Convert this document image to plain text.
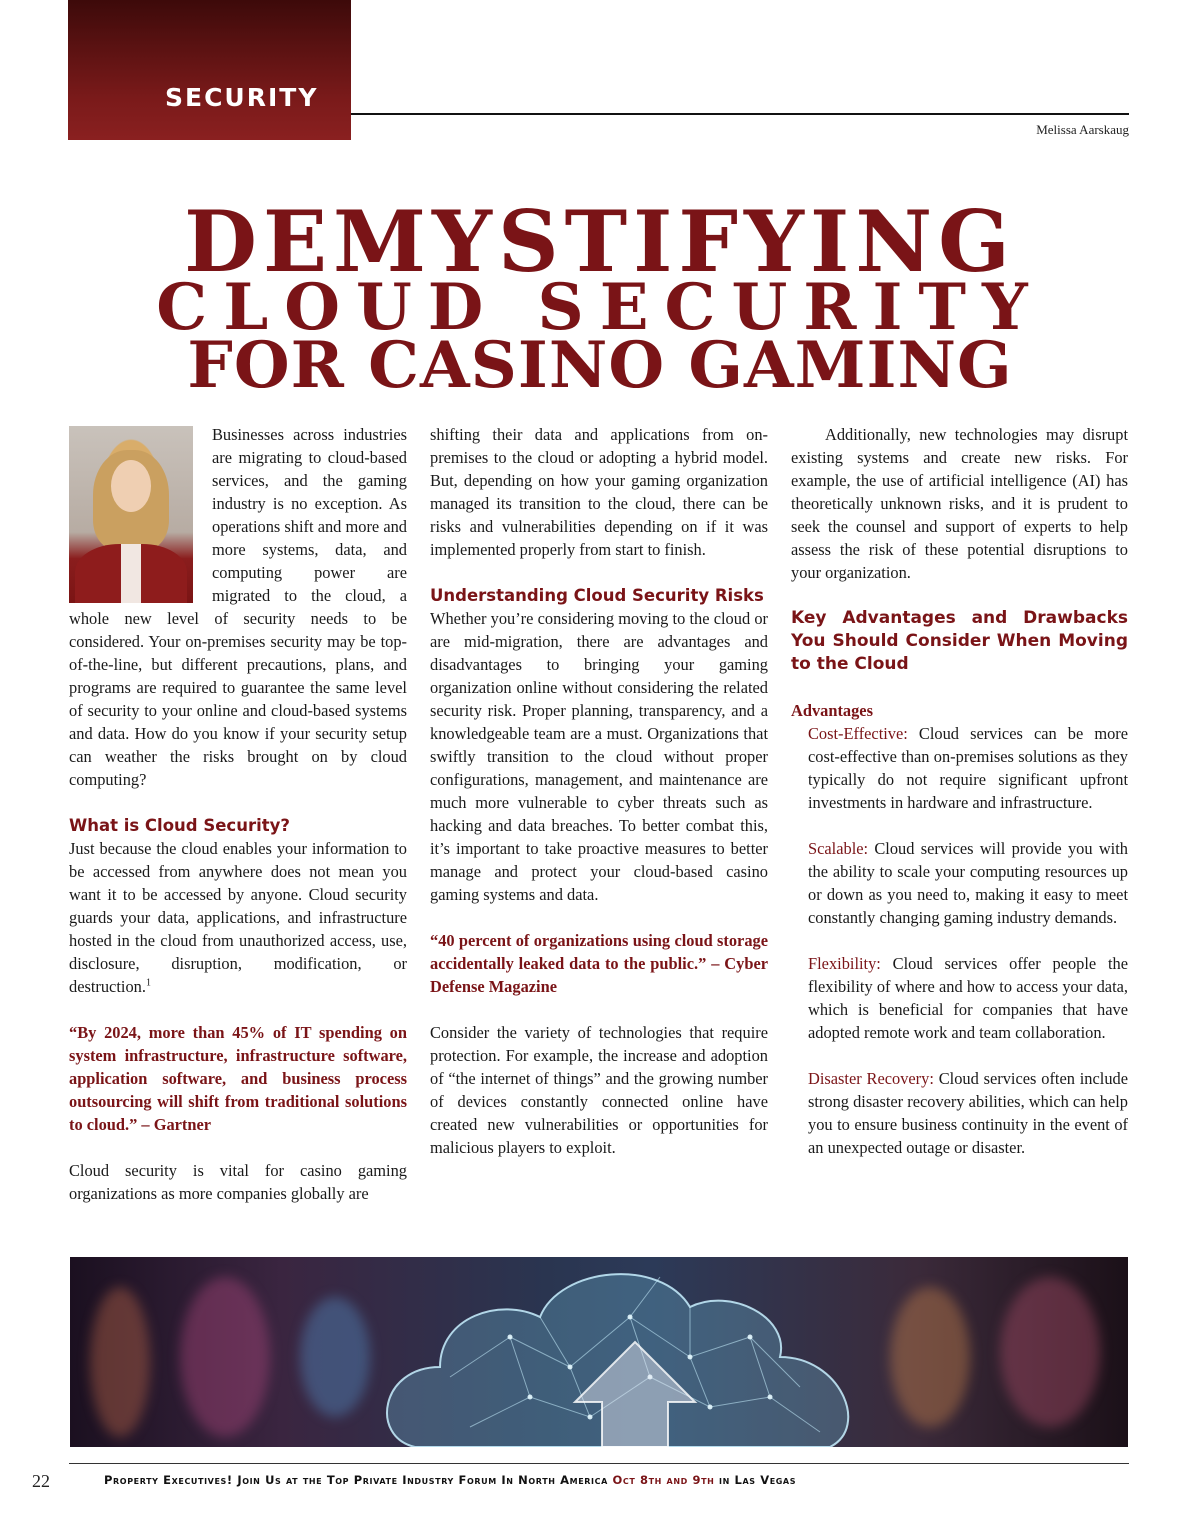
SECURITY
Melissa Aarskaug
DEMYSTIFYING
CLOUD SECURITY
FOR CASINO GAMING

Businesses across industries are migrating to cloud-based services, and the gaming industry is no exception. As operations shift and more and more systems, data, and computing power are migrated to the cloud, a whole new level of security needs to be considered. Your on-premises security may be top-of-the-line, but different precautions, plans, and programs are required to guarantee the same level of security to your online and cloud-based systems and data. How do you know if your security setup can weather the risks brought on by cloud computing?

What is Cloud Security?

Just because the cloud enables your information to be accessed from anywhere does not mean you want it to be accessed by anyone. Cloud security guards your data, applications, and infrastructure hosted in the cloud from unauthorized access, use, disclosure, disruption, modification, or destruction.$^1$

“By 2024, more than 45% of IT spending on system infrastructure, infrastructure software, application software, and business process outsourcing will shift from traditional solutions to cloud.” – Gartner

Cloud security is vital for casino gaming organizations as more companies globally are

shifting their data and applications from on-premises to the cloud or adopting a hybrid model. But, depending on how your gaming organization managed its transition to the cloud, there can be risks and vulnerabilities depending on if it was implemented properly from start to finish.

Understanding Cloud Security Risks

Whether you’re considering moving to the cloud or are mid-migration, there are advantages and disadvantages to bringing your gaming organization online without considering the related security risk. Proper planning, transparency, and a knowledgeable team are a must. Organizations that swiftly transition to the cloud without proper configurations, management, and maintenance are much more vulnerable to cyber threats such as hacking and data breaches. To better combat this, it’s important to take proactive measures to better manage and protect your cloud-based casino gaming systems and data.

“40 percent of organizations using cloud storage accidentally leaked data to the public.” – Cyber Defense Magazine

Consider the variety of technologies that require protection. For example, the increase and adoption of “the internet of things” and the growing number of devices constantly connected online have created new vulnerabilities or opportunities for malicious players to exploit.

Additionally, new technologies may disrupt existing systems and create new risks. For example, the use of artificial intelligence (AI) has theoretically unknown risks, and it is prudent to seek the counsel and support of experts to help assess the risk of these potential disruptions to your organization.

Key Advantages and Drawbacks You Should Consider When Moving to the Cloud
Advantages

Cost-Effective: Cloud services can be more cost-effective than on-premises solutions as they typically do not require significant upfront investments in hardware and infrastructure.

Scalable: Cloud services will provide you with the ability to scale your computing resources up or down as you need to, making it easy to meet constantly changing gaming industry demands.

Flexibility: Cloud services offer people the flexibility of where and how to access your data, which is beneficial for companies that have adopted remote work and team collaboration.

Disaster Recovery: Cloud services often include strong disaster recovery abilities, which can help you to ensure business continuity in the event of an unexpected outage or disaster.

22	Property Executives! Join Us at the Top Private Industry Forum In North America Oct 8th and 9th in Las Vegas
